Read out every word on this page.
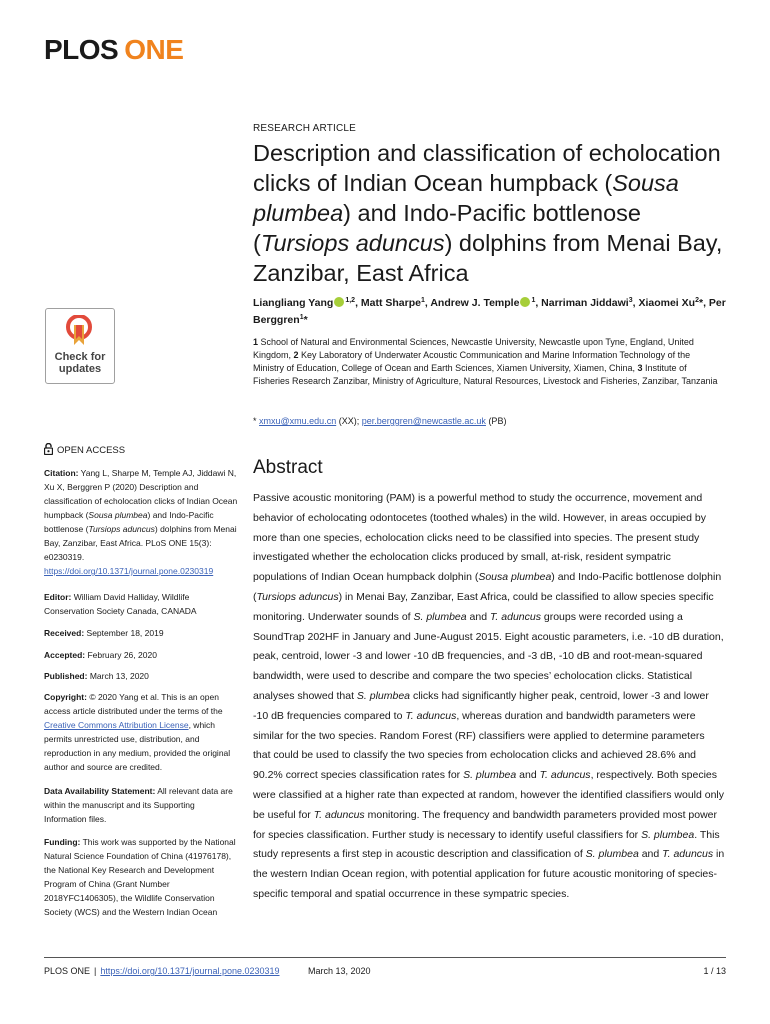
PLOS ONE
RESEARCH ARTICLE
Description and classification of echolocation clicks of Indian Ocean humpback (Sousa plumbea) and Indo-Pacific bottlenose (Tursiops aduncus) dolphins from Menai Bay, Zanzibar, East Africa
Liangliang Yang $^{1,2}$, Matt Sharpe$^1$, Andrew J. Temple $^1$, Narriman Jiddawi$^3$, Xiaomei Xu$^2$*, Per Berggren$^1$*
1 School of Natural and Environmental Sciences, Newcastle University, Newcastle upon Tyne, England, United Kingdom, 2 Key Laboratory of Underwater Acoustic Communication and Marine Information Technology of the Ministry of Education, College of Ocean and Earth Sciences, Xiamen University, Xiamen, China, 3 Institute of Fisheries Research Zanzibar, Ministry of Agriculture, Natural Resources, Livestock and Fisheries, Zanzibar, Tanzania
* xmxu@xmu.edu.cn (XX); per.berggren@newcastle.ac.uk (PB)
Check for
updates
OPEN ACCESS
Citation: Yang L, Sharpe M, Temple AJ, Jiddawi N, Xu X, Berggren P (2020) Description and classification of echolocation clicks of Indian Ocean humpback (Sousa plumbea) and Indo-Pacific bottlenose (Tursiops aduncus) dolphins from Menai Bay, Zanzibar, East Africa. PLoS ONE 15(3): e0230319. https://doi.org/10.1371/journal.pone.0230319
Editor: William David Halliday, Wildlife Conservation Society Canada, CANADA
Received: September 18, 2019
Accepted: February 26, 2020
Published: March 13, 2020
Copyright: © 2020 Yang et al. This is an open access article distributed under the terms of the Creative Commons Attribution License, which permits unrestricted use, distribution, and reproduction in any medium, provided the original author and source are credited.
Data Availability Statement: All relevant data are within the manuscript and its Supporting Information files.
Funding: This work was supported by the National Natural Science Foundation of China (41976178), the National Key Research and Development Program of China (Grant Number 2018YFC1406305), the Wildlife Conservation Society (WCS) and the Western Indian Ocean
Abstract
Passive acoustic monitoring (PAM) is a powerful method to study the occurrence, movement and behavior of echolocating odontocetes (toothed whales) in the wild. However, in areas occupied by more than one species, echolocation clicks need to be classified into species. The present study investigated whether the echolocation clicks produced by small, at-risk, resident sympatric populations of Indian Ocean humpback dolphin (Sousa plumbea) and Indo-Pacific bottlenose dolphin (Tursiops aduncus) in Menai Bay, Zanzibar, East Africa, could be classified to allow species specific monitoring. Underwater sounds of S. plumbea and T. aduncus groups were recorded using a SoundTrap 202HF in January and June-August 2015. Eight acoustic parameters, i.e. -10 dB duration, peak, centroid, lower -3 and lower -10 dB frequencies, and -3 dB, -10 dB and root-mean-squared bandwidth, were used to describe and compare the two species’ echolocation clicks. Statistical analyses showed that S. plumbea clicks had significantly higher peak, centroid, lower -3 and lower -10 dB frequencies compared to T. aduncus, whereas duration and bandwidth parameters were similar for the two species. Random Forest (RF) classifiers were applied to determine parameters that could be used to classify the two species from echolocation clicks and achieved 28.6% and 90.2% correct species classification rates for S. plumbea and T. aduncus, respectively. Both species were classified at a higher rate than expected at random, however the identified classifiers would only be useful for T. aduncus monitoring. The frequency and bandwidth parameters provided most power for species classification. Further study is necessary to identify useful classifiers for S. plumbea. This study represents a first step in acoustic description and classification of S. plumbea and T. aduncus in the western Indian Ocean region, with potential application for future acoustic monitoring of species-specific temporal and spatial occurrence in these sympatric species.
PLOS ONE | https://doi.org/10.1371/journal.pone.0230319	March 13, 2020	1 / 13
